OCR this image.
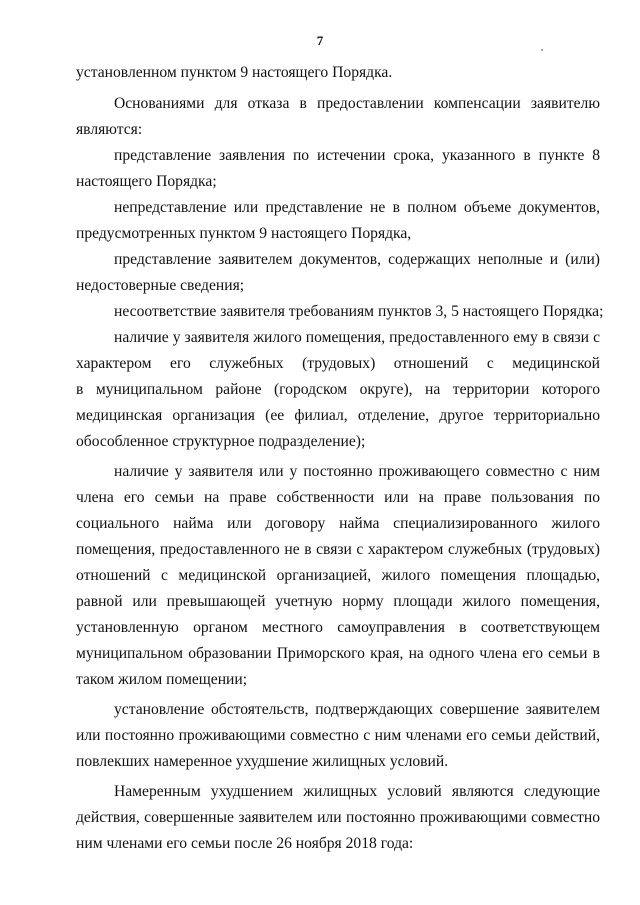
7

установленном пунктом 9 настоящего Порядка.

Основаниями для отказа в предоставлении компенсации заявителю

являются:

представление заявления по истечении срока, указанного в пункте 8

настоящего Порядка;

непредставление или представление не в полном объеме документов,

предусмотренных пунктом 9 настоящего Порядка,

представление заявителем документов, содержащих неполные и (или)

недостоверные сведения;

несоответствие заявителя требованиям пунктов 3, 5 настоящего Порядка;

наличие у заявителя жилого помещения, предоставленного ему в связи с

характером его служебных (трудовых) отношений с медицинской

в муниципальном районе (городском округе), на территории которого

медицинская организация (ее филиал, отделение, другое территориально

обособленное структурное подразделение);

наличие у заявителя или у постоянно проживающего совместно с ним

члена его семьи на праве собственности или на праве пользования по

социального найма или договору найма специализированного жилого

помещения, предоставленного не в связи с характером служебных (трудовых)

отношений с медицинской организацией, жилого помещения площадью,

равной или превышающей учетную норму площади жилого помещения,

установленную органом местного самоуправления в соответствующем

муниципальном образовании Приморского края, на одного члена его семьи в

таком жилом помещении;

установление обстоятельств, подтверждающих совершение заявителем

или постоянно проживающими совместно с ним членами его семьи действий,

повлекших намеренное ухудшение жилищных условий.

Намеренным ухудшением жилищных условий являются следующие

действия, совершенные заявителем или постоянно проживающими совместно

ним членами его семьи после 26 ноября 2018 года:
